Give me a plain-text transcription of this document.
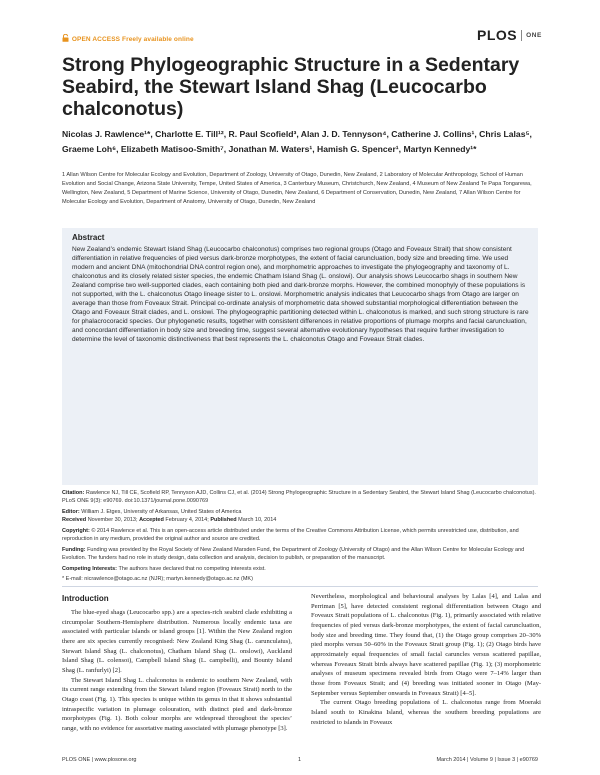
OPEN ACCESS Freely available online	PLOS ONE
Strong Phylogeographic Structure in a Sedentary Seabird, the Stewart Island Shag (Leucocarbo chalconotus)
Nicolas J. Rawlence¹*, Charlotte E. Till¹², R. Paul Scofield³, Alan J. D. Tennyson⁴, Catherine J. Collins¹, Chris Lalas⁵, Graeme Loh⁶, Elizabeth Matisoo-Smith⁷, Jonathan M. Waters¹, Hamish G. Spencer¹, Martyn Kennedy¹*
1 Allan Wilson Centre for Molecular Ecology and Evolution, Department of Zoology, University of Otago, Dunedin, New Zealand, 2 Laboratory of Molecular Anthropology, School of Human Evolution and Social Change, Arizona State University, Tempe, United States of America, 3 Canterbury Museum, Christchurch, New Zealand, 4 Museum of New Zealand Te Papa Tongarewa, Wellington, New Zealand, 5 Department of Marine Science, University of Otago, Dunedin, New Zealand, 6 Department of Conservation, Dunedin, New Zealand, 7 Allan Wilson Centre for Molecular Ecology and Evolution, Department of Anatomy, University of Otago, Dunedin, New Zealand
Abstract
New Zealand’s endemic Stewart Island Shag (Leucocarbo chalconotus) comprises two regional groups (Otago and Foveaux Strait) that show consistent differentiation in relative frequencies of pied versus dark-bronze morphotypes, the extent of facial caruncluation, body size and breeding time. We used modern and ancient DNA (mitochondrial DNA control region one), and morphometric approaches to investigate the phylogeography and taxonomy of L. chalconotus and its closely related sister species, the endemic Chatham Island Shag (L. onslowi). Our analysis shows Leucocarbo shags in southern New Zealand comprise two well-supported clades, each containing both pied and dark-bronze morphs. However, the combined monophyly of these populations is not supported, with the L. chalconotus Otago lineage sister to L. onslowi. Morphometric analysis indicates that Leucocarbo shags from Otago are larger on average than those from Foveaux Strait. Principal co-ordinate analysis of morphometric data showed substantial morphological differentiation between the Otago and Foveaux Strait clades, and L. onslowi. The phylogeographic partitioning detected within L. chalconotus is marked, and such strong structure is rare for phalacrocoracid species. Our phylogenetic results, together with consistent differences in relative proportions of plumage morphs and facial caruncluation, and concordant differentiation in body size and breeding time, suggest several alternative evolutionary hypotheses that require further investigation to determine the level of taxonomic distinctiveness that best represents the L. chalconotus Otago and Foveaux Strait clades.
Citation: Rawlence NJ, Till CE, Scofield RP, Tennyson AJD, Collins CJ, et al. (2014) Strong Phylogeographic Structure in a Sedentary Seabird, the Stewart Island Shag (Leucocarbo chalconotus). PLoS ONE 9(3): e90769. doi:10.1371/journal.pone.0090769
Editor: William J. Etges, University of Arkansas, United States of America
Received November 30, 2013; Accepted February 4, 2014; Published March 10, 2014
Copyright: © 2014 Rawlence et al. This is an open-access article distributed under the terms of the Creative Commons Attribution License, which permits unrestricted use, distribution, and reproduction in any medium, provided the original author and source are credited.
Funding: Funding was provided by the Royal Society of New Zealand Marsden Fund, the Department of Zoology (University of Otago) and the Allan Wilson Centre for Molecular Ecology and Evolution. The funders had no role in study design, data collection and analysis, decision to publish, or preparation of the manuscript.
Competing Interests: The authors have declared that no competing interests exist.
* E-mail: nicrawlence@otago.ac.nz (NJR); martyn.kennedy@otago.ac.nz (MK)
Introduction

The blue-eyed shags (Leucocarbo spp.) are a species-rich seabird clade exhibiting a circumpolar Southern-Hemisphere distribution. Numerous locally endemic taxa are associated with particular islands or island groups [1]. Within the New Zealand region there are six species currently recognised: New Zealand King Shag (L. carunculatus), Stewart Island Shag (L. chalconotus), Chatham Island Shag (L. onslowi), Auckland Island Shag (L. colensoi), Campbell Island Shag (L. campbelli), and Bounty Island Shag (L. ranfurlyi) [2].

The Stewart Island Shag L. chalconotus is endemic to southern New Zealand, with its current range extending from the Stewart Island region (Foveaux Strait) north to the Otago coast (Fig. 1). This species is unique within its genus in that it shows substantial intraspecific variation in plumage colouration, with distinct pied and dark-bronze morphotypes (Fig. 1). Both colour morphs are widespread throughout the species’ range, with no evidence for assortative mating associated with plumage phenotype [3].

Nevertheless, morphological and behavioural analyses by Lalas [4], and Lalas and Perriman [5], have detected consistent regional differentiation between Otago and Foveaux Strait populations of L. chalconotus (Fig. 1), primarily associated with relative frequencies of pied versus dark-bronze morphotypes, the extent of facial caruncluation, body size and breeding time. They found that, (1) the Otago group comprises 20–30% pied morphs versus 50–60% in the Foveaux Strait group (Fig. 1); (2) Otago birds have approximately equal frequencies of small facial caruncles versus scattered papillae, whereas Foveaux Strait birds always have scattered papillae (Fig. 1); (3) morphometric analyses of museum specimens revealed birds from Otago were 7–14% larger than those from Foveaux Strait; and (4) breeding was initiated sooner in Otago (May-September versus September onwards in Foveaux Strait) [4–5].

The current Otago breeding populations of L. chalconotus range from Moeraki Island south to Kinakina Island, whereas the southern breeding populations are restricted to islands in Foveaux

PLOS ONE | www.plosone.org	1	March 2014 | Volume 9 | Issue 3 | e90769
